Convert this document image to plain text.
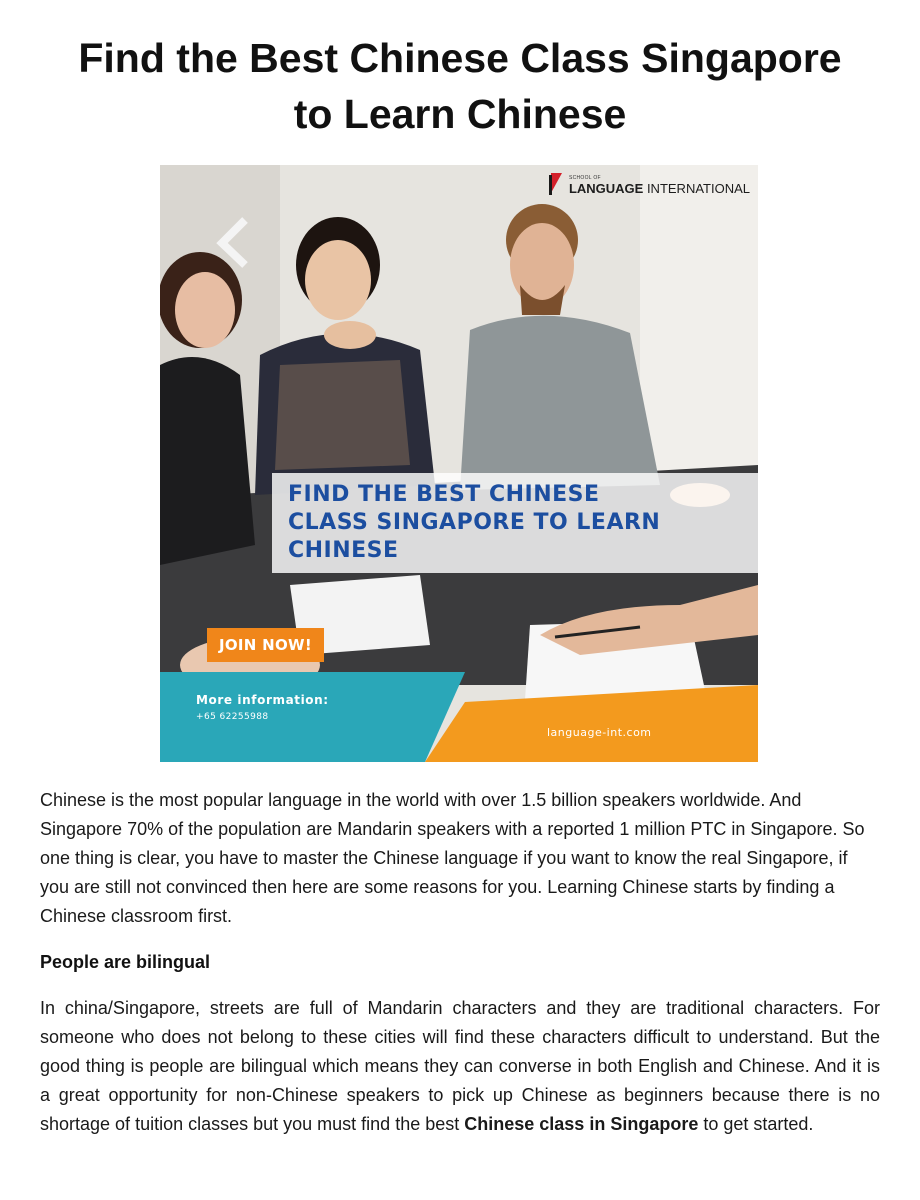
Find the Best Chinese Class Singapore
to Learn Chinese
SCHOOL OF
LANGUAGE INTERNATIONAL
FIND THE BEST CHINESE
CLASS SINGAPORE TO LEARN
CHINESE
JOIN NOW!
More information:
+65 62255988
language-int.com

Chinese is the most popular language in the world with over 1.5 billion speakers worldwide. And Singapore 70% of the population are Mandarin speakers with a reported 1 million PTC in Singapore. So one thing is clear, you have to master the Chinese language if you want to know the real Singapore, if you are still not convinced then here are some reasons for you. Learning Chinese starts by finding a Chinese classroom first.

People are bilingual

In china/Singapore, streets are full of Mandarin characters and they are traditional characters. For someone who does not belong to these cities will find these characters difficult to understand. But the good thing is people are bilingual which means they can converse in both English and Chinese. And it is a great opportunity for non-Chinese speakers to pick up Chinese as beginners because there is no shortage of tuition classes but you must find the best Chinese class in Singapore to get started.
